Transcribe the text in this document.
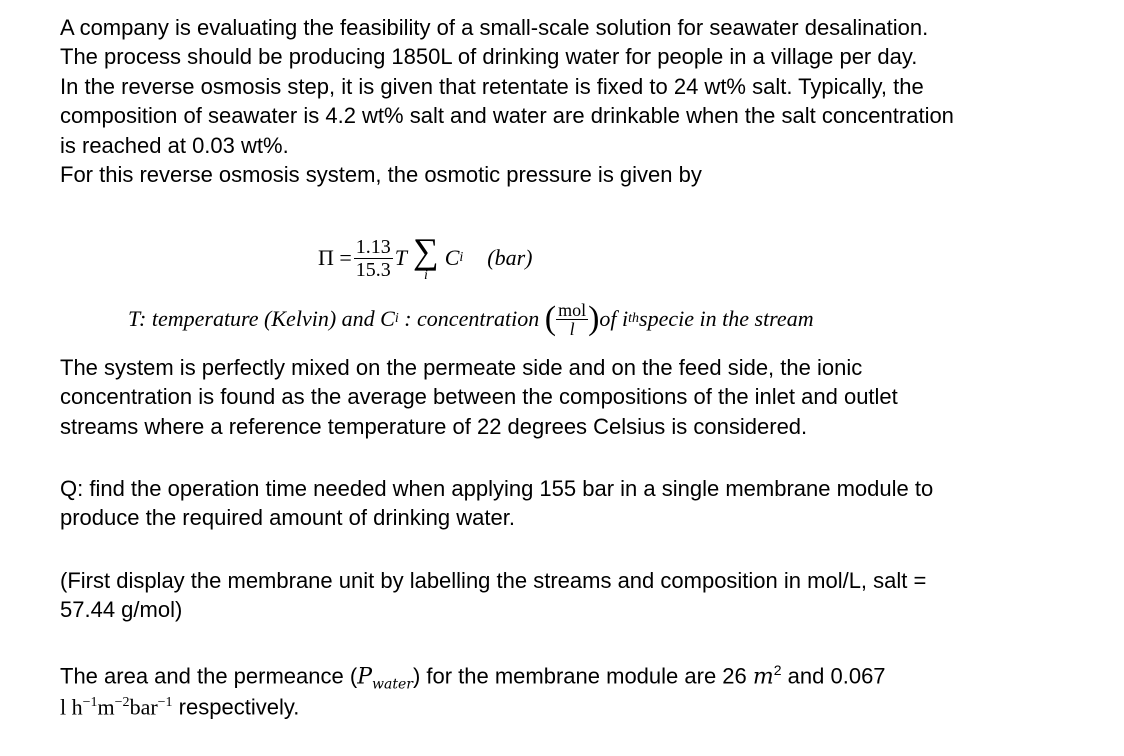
A company is evaluating the feasibility of a small-scale solution for seawater desalination.
The process should be producing 1850L of drinking water for people in a village per day.
In the reverse osmosis step, it is given that retentate is fixed to 24 wt% salt. Typically, the
composition of seawater is 4.2 wt% salt and water are drinkable when the salt concentration
is reached at 0.03 wt%.
For this reverse osmosis system, the osmotic pressure is given by
$\Pi = \frac{1.13}{15.3}$ T ∑
i
C i (bar)
T: temperature (Kelvin) and C i : concentration ( mol
l ) of i th specie in the stream
The system is perfectly mixed on the permeate side and on the feed side, the ionic
concentration is found as the average between the compositions of the inlet and outlet
streams where a reference temperature of 22 degrees Celsius is considered.
Q: find the operation time needed when applying 155 bar in a single membrane module to
produce the required amount of drinking water.
(First display the membrane unit by labelling the streams and composition in mol/L, salt =
57.44 g/mol)
The area and the permeance $(P_{water})$ for the membrane module are 26 $m^2$ and 0.067
l $h^{-1}m^{-2}bar^{-1}$ respectively.
